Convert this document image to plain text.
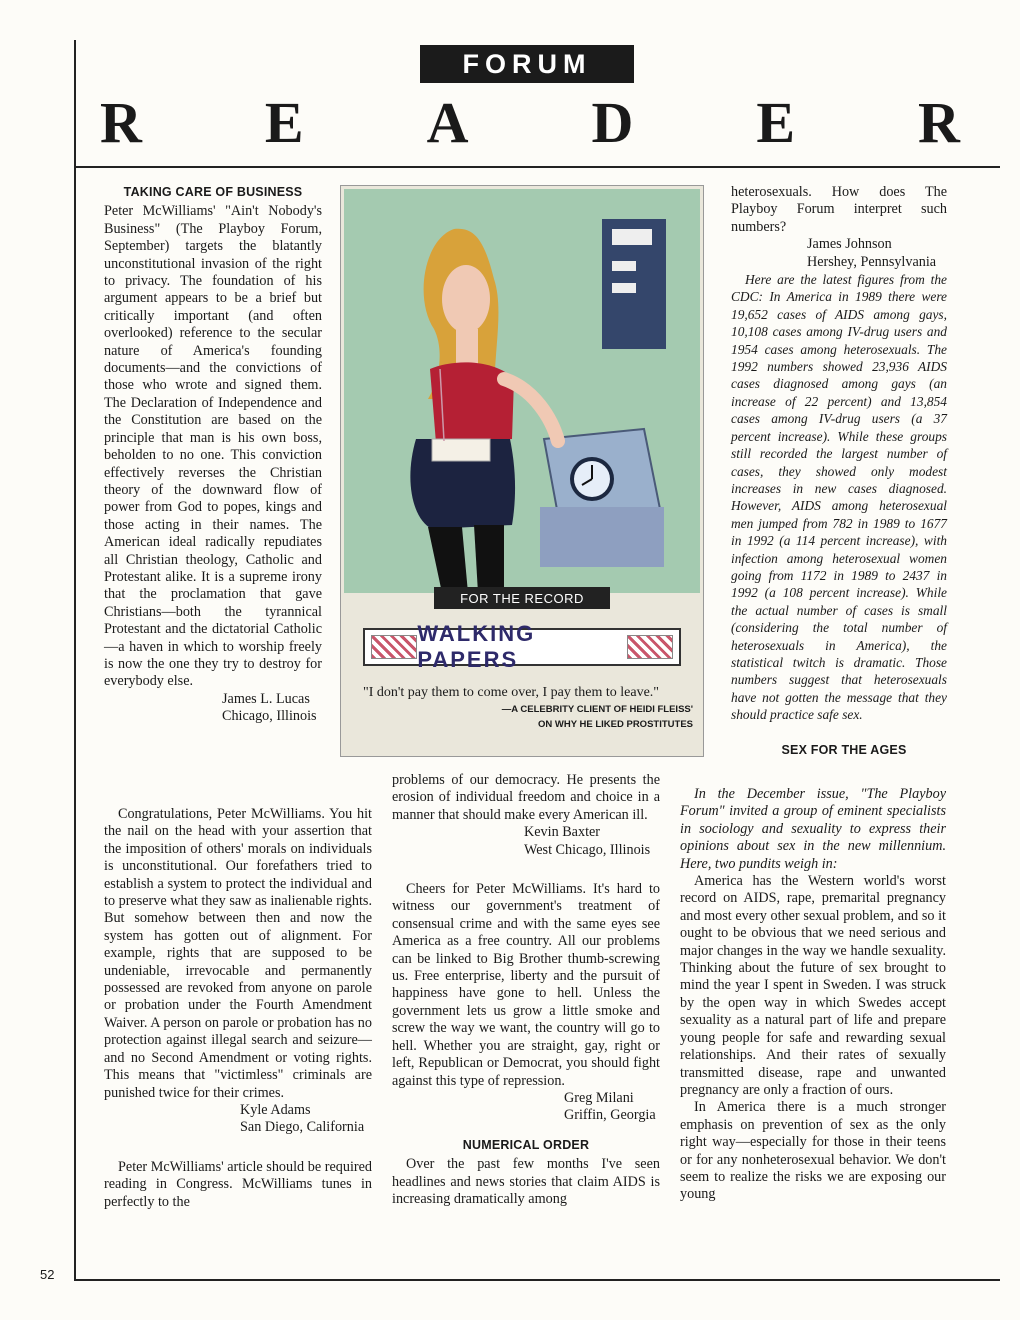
FORUM
R E A D E R
TAKING CARE OF BUSINESS

Peter McWilliams' "Ain't Nobody's Business" (The Playboy Forum, September) targets the blatantly unconstitutional invasion of the right to privacy. The foundation of his argument appears to be a brief but critically important (and often overlooked) reference to the secular nature of America's founding documents—and the convictions of those who wrote and signed them. The Declaration of Independence and the Constitution are based on the principle that man is his own boss, beholden to no one. This conviction effectively reverses the Christian theory of the downward flow of power from God to popes, kings and those acting in their names. The American ideal radically repudiates all Christian theology, Catholic and Protestant alike. It is a supreme irony that the proclamation that gave Christians—both the tyrannical Protestant and the dictatorial Catholic—a haven in which to worship freely is now the one they try to destroy for everybody else.

James L. Lucas

Chicago, Illinois

Congratulations, Peter McWilliams. You hit the nail on the head with your assertion that the imposition of others' morals on individuals is unconstitutional. Our forefathers tried to establish a system to protect the individual and to preserve what they saw as inalienable rights. But somehow between then and now the system has gotten out of alignment. For example, rights that are supposed to be undeniable, irrevocable and permanently possessed are revoked from anyone on parole or probation under the Fourth Amendment Waiver. A person on parole or probation has no protection against illegal search and seizure—and no Second Amendment or voting rights. This means that "victimless" criminals are punished twice for their crimes.

Kyle Adams

San Diego, California

Peter McWilliams' article should be required reading in Congress. McWilliams tunes in perfectly to the

FOR THE RECORD
WALKING PAPERS
"I don't pay them to come over, I pay them to leave."
—A CELEBRITY CLIENT OF HEIDI FLEISS'
ON WHY HE LIKED PROSTITUTES

problems of our democracy. He presents the erosion of individual freedom and choice in a manner that should make every American ill.

Kevin Baxter

West Chicago, Illinois

Cheers for Peter McWilliams. It's hard to witness our government's treatment of consensual crime and with the same eyes see America as a free country. All our problems can be linked to Big Brother thumb-screwing us. Free enterprise, liberty and the pursuit of happiness have gone to hell. Unless the government lets us grow a little smoke and screw the way we want, the country will go to hell. Whether you are straight, gay, right or left, Republican or Democrat, you should fight against this type of repression.

Greg Milani

Griffin, Georgia

NUMERICAL ORDER

Over the past few months I've seen headlines and news stories that claim AIDS is increasing dramatically among

heterosexuals. How does The Playboy Forum interpret such numbers?

James Johnson

Hershey, Pennsylvania

Here are the latest figures from the CDC: In America in 1989 there were 19,652 cases of AIDS among gays, 10,108 cases among IV-drug users and 1954 cases among heterosexuals. The 1992 numbers showed 23,936 AIDS cases diagnosed among gays (an increase of 22 percent) and 13,854 cases among IV-drug users (a 37 percent increase). While these groups still recorded the largest number of cases, they showed only modest increases in new cases diagnosed. However, AIDS among heterosexual men jumped from 782 in 1989 to 1677 in 1992 (a 114 percent increase), with infection among heterosexual women going from 1172 in 1989 to 2437 in 1992 (a 108 percent increase). While the actual number of cases is small (considering the total number of heterosexuals in America), the statistical twitch is dramatic. Those numbers suggest that heterosexuals have not gotten the message that they should practice safe sex.

SEX FOR THE AGES

In the December issue, "The Playboy Forum" invited a group of eminent specialists in sociology and sexuality to express their opinions about sex in the new millennium. Here, two pundits weigh in:

America has the Western world's worst record on AIDS, rape, premarital pregnancy and most every other sexual problem, and so it ought to be obvious that we need serious and major changes in the way we handle sexuality. Thinking about the future of sex brought to mind the year I spent in Sweden. I was struck by the open way in which Swedes accept sexuality as a natural part of life and prepare young people for safe and rewarding sexual relationships. And their rates of sexually transmitted disease, rape and unwanted pregnancy are only a fraction of ours.

In America there is a much stronger emphasis on prevention of sex as the only right way—especially for those in their teens or for any nonheterosexual behavior. We don't seem to realize the risks we are exposing our young

52
